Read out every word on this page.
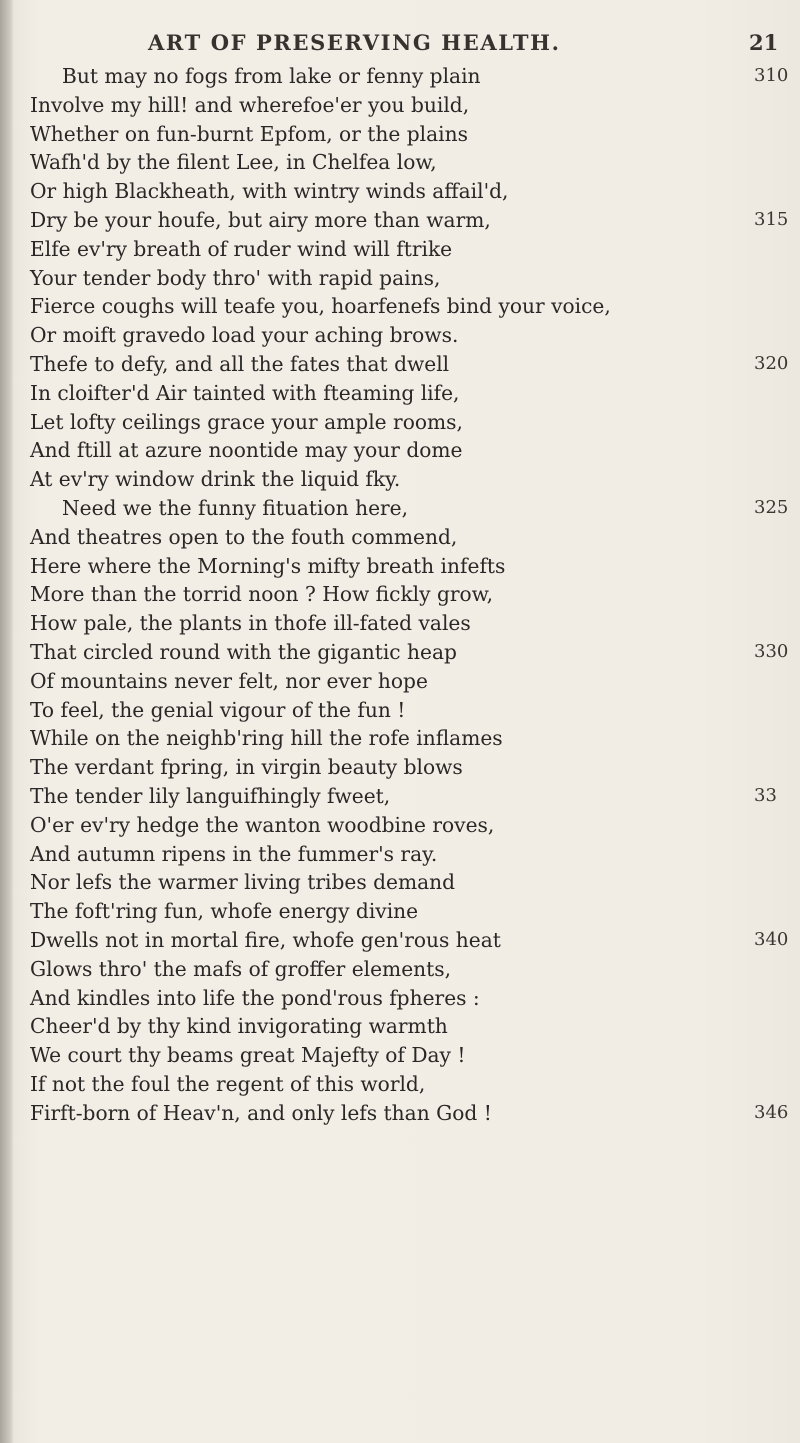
ART OF PRESERVING HEALTH.	21
But may no fogs from lake or fenny plain	310
Involve my hill! and wherefoe'er you build,
Whether on fun-burnt Epfom, or the plains
Wafh'd by the filent Lee, in Chelfea low,
Or high Blackheath, with wintry winds affail'd,
Dry be your houfe, but airy more than warm,	315
Elfe ev'ry breath of ruder wind will ftrike
Your tender body thro' with rapid pains,
Fierce coughs will teafe you, hoarfenefs bind your voice,
Or moift gravedo load your aching brows.
Thefe to defy, and all the fates that dwell	320
In cloifter'd Air tainted with fteaming life,
Let lofty ceilings grace your ample rooms,
And ftill at azure noontide may your dome
At ev'ry window drink the liquid fky.
Need we the funny fituation here,	325
And theatres open to the fouth commend,
Here where the Morning's mifty breath infefts
More than the torrid noon ? How fickly grow,
How pale, the plants in thofe ill-fated vales
That circled round with the gigantic heap	330
Of mountains never felt, nor ever hope
To feel, the genial vigour of the fun !
While on the neighb'ring hill the rofe inflames
The verdant fpring, in virgin beauty blows
The tender lily languifhingly fweet,	33
O'er ev'ry hedge the wanton woodbine roves,
And autumn ripens in the fummer's ray.
Nor lefs the warmer living tribes demand
The foft'ring fun, whofe energy divine
Dwells not in mortal fire, whofe gen'rous heat	340
Glows thro' the mafs of groffer elements,
And kindles into life the pond'rous fpheres :
Cheer'd by thy kind invigorating warmth
We court thy beams great Majefty of Day !
If not the foul the regent of this world,
Firft-born of Heav'n, and only lefs than God !	346
